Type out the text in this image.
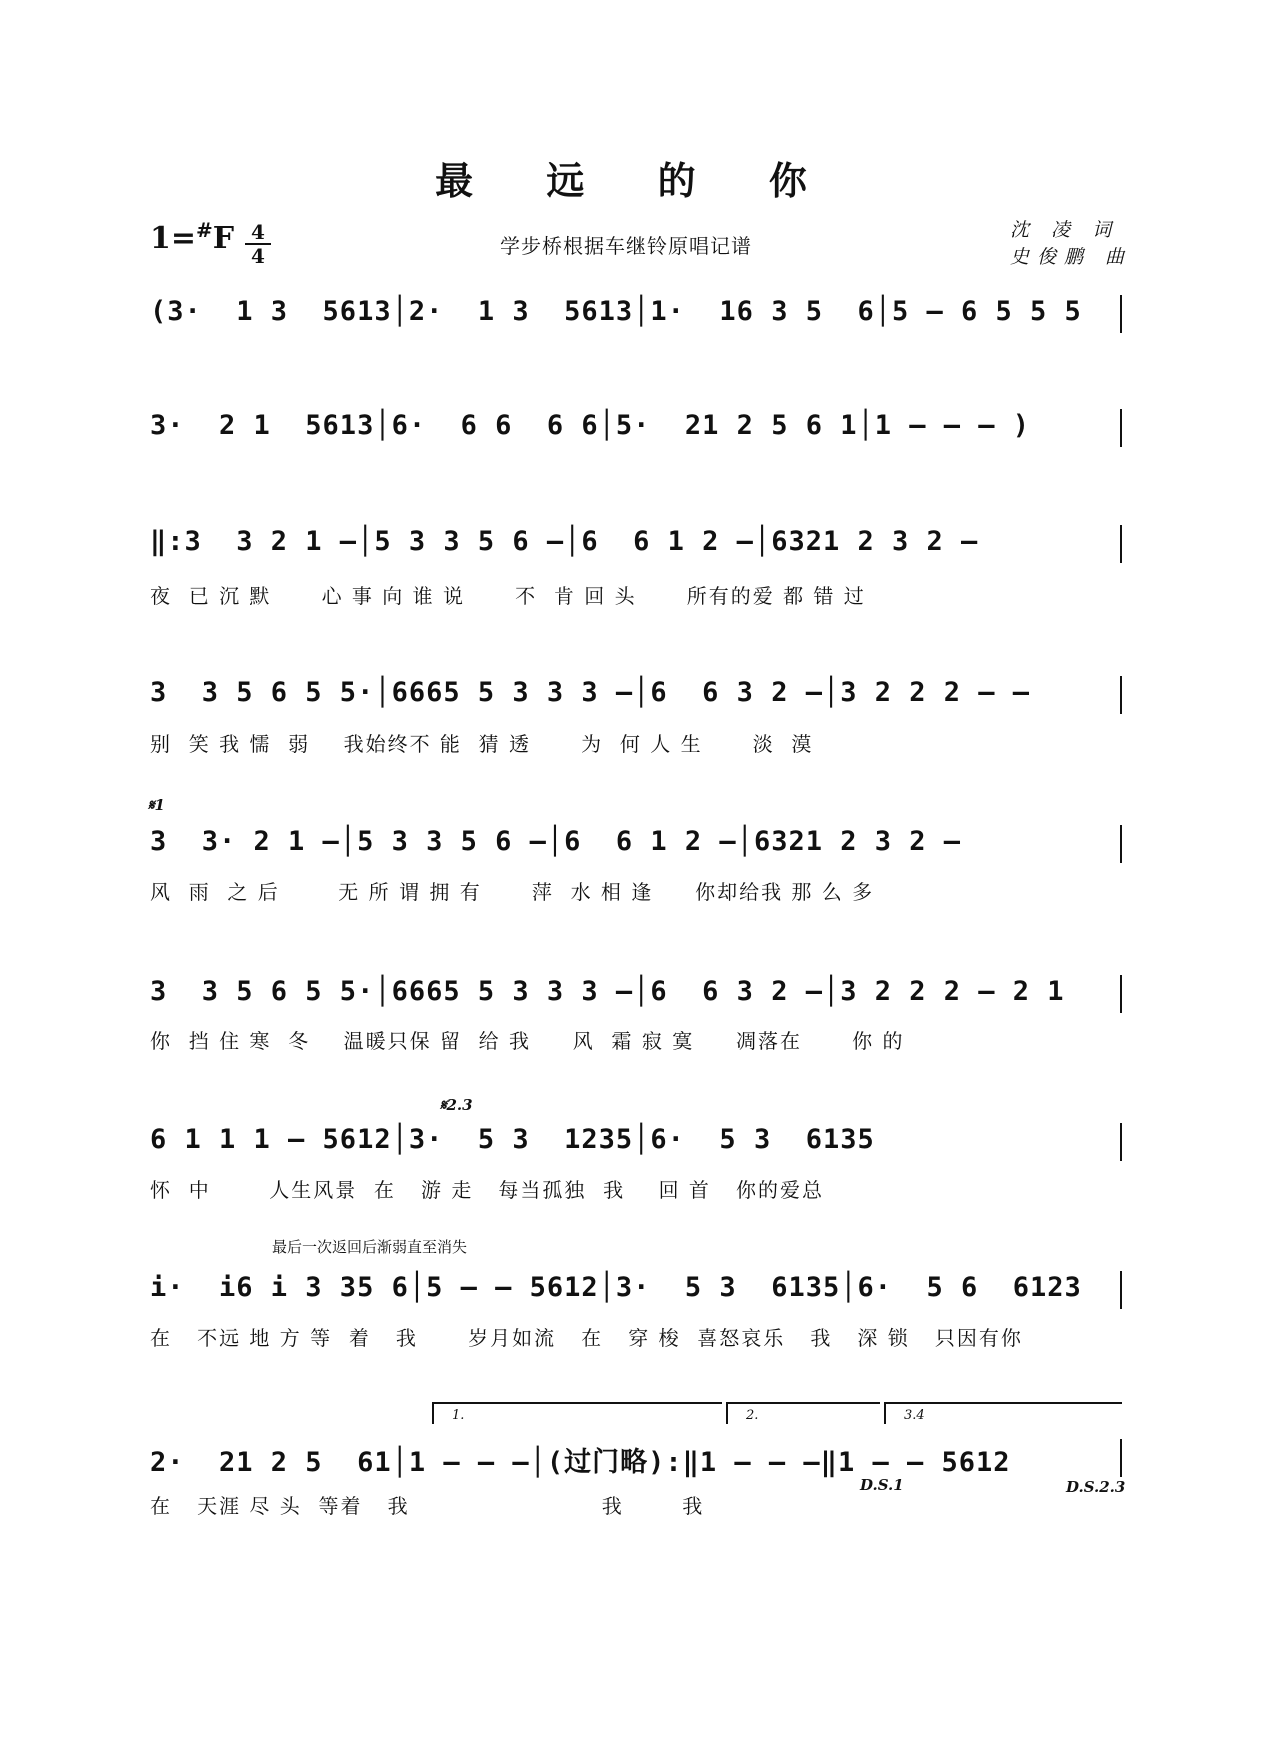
最 远 的 你
1=#F 4
4	学步桥根据车继铃原唱记谱
沈 凌 词
史俊鹏 曲
(3·  1 3  5613│2·  1 3  5613│1·  16 3 5  6│5 – 6 5 5 5
3·  2 1  5613│6·  6 6  6 6│5·  21 2 5 6 1│1 – – – )
‖:3  3 2 1 –│5 3 3 5 6 –│6  6 1 2 –│6321 2 3 2 –
夜  已 沉 默      心 事 向 谁 说      不  肯 回 头      所有的爱 都 错 过
3  3 5 6 5 5·│6665 5 3 3 3 –│6  6 3 2 –│3 2 2 2 – –
别  笑 我 懦  弱    我始终不 能  猜 透      为  何 人 生      淡  漠
𝄋1
3  3· 2 1 –│5 3 3 5 6 –│6  6 1 2 –│6321 2 3 2 –
风  雨  之 后       无 所 谓 拥 有      萍  水 相 逢     你却给我 那 么 多
3  3 5 6 5 5·│6665 5 3 3 3 –│6  6 3 2 –│3 2 2 2 – 2 1
你  挡 住 寒  冬    温暖只保 留  给 我     风  霜 寂 寞     凋落在      你 的
𝄋2.3
6 1 1 1 – 5612│3·  5 3  1235│6·  5 3  6135
怀  中       人生风景  在   游 走   每当孤独  我    回 首   你的爱总
最后一次返回后渐弱直至消失
i·  i6 i 3 35 6│5 – – 5612│3·  5 3  6135│6·  5 6  6123
在   不远 地 方 等  着   我      岁月如流   在   穿 梭  喜怒哀乐   我   深 锁   只因有你
1.	2.	3.4
2·  21 2 5  61│1 – – –│(过门略):‖1 – – –‖1 – – 5612
在   天涯 尽 头  等着   我                       我       我
D.S.1	D.S.2.3
